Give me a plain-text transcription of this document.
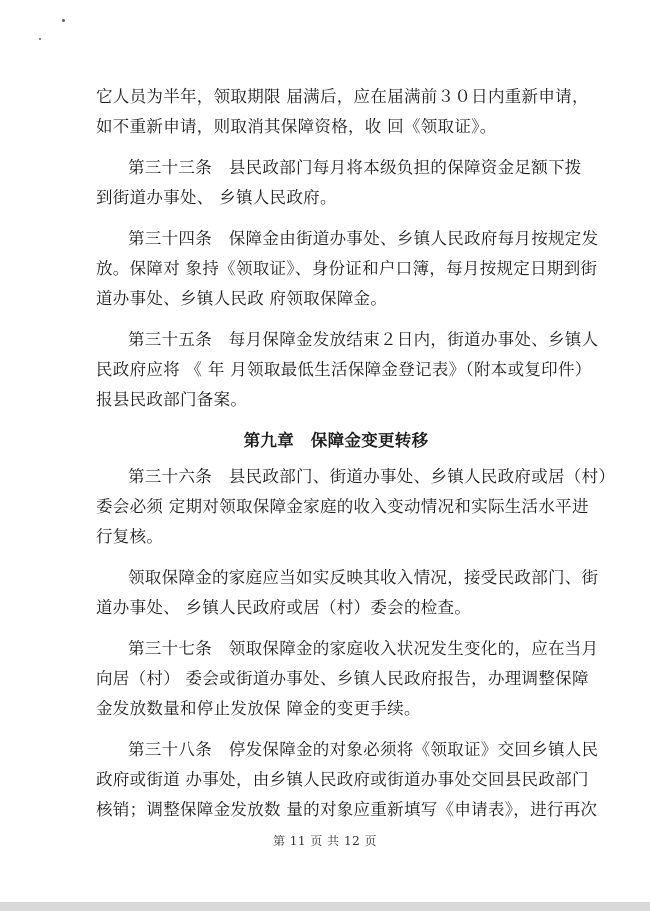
它人员为半年，领取期限 届满后，应在届满前３０日内重新申请，
如不重新申请，则取消其保障资格，收 回《领取证》。
第三十三条　县民政部门每月将本级负担的保障资金足额下拨
到街道办事处、 乡镇人民政府。
第三十四条　保障金由街道办事处、乡镇人民政府每月按规定发
放。保障对 象持《领取证》、身份证和户口簿，每月按规定日期到街
道办事处、乡镇人民政 府领取保障金。
第三十五条　每月保障金发放结束２日内，街道办事处、乡镇人
民政府应将 《 年 月领取最低生活保障金登记表》（附本或复印件）
报县民政部门备案。
第九章　保障金变更转移
第三十六条　县民政部门、街道办事处、乡镇人民政府或居（村）
委会必须 定期对领取保障金家庭的收入变动情况和实际生活水平进
行复核。
领取保障金的家庭应当如实反映其收入情况，接受民政部门、街
道办事处、 乡镇人民政府或居（村）委会的检查。
第三十七条　领取保障金的家庭收入状况发生变化的，应在当月
向居（村） 委会或街道办事处、乡镇人民政府报告，办理调整保障
金发放数量和停止发放保 障金的变更手续。
第三十八条　停发保障金的对象必须将《领取证》交回乡镇人民
政府或街道 办事处，由乡镇人民政府或街道办事处交回县民政部门
核销；调整保障金发放数 量的对象应重新填写《申请表》，进行再次
第 11 页 共 12 页
